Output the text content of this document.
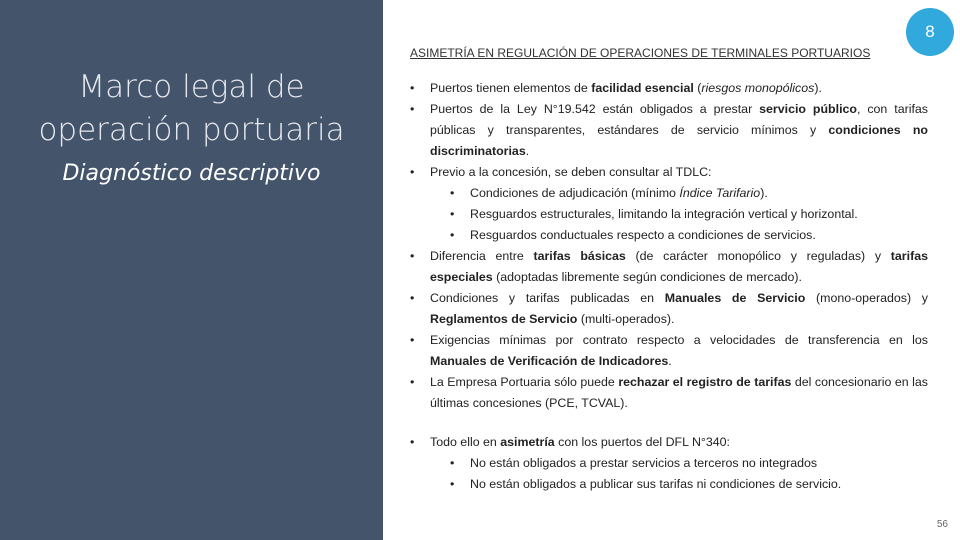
Marco legal de
operación portuaria
Diagnóstico descriptivo
8
ASIMETRÍA EN REGULACIÓN DE OPERACIONES DE TERMINALES PORTUARIOS
• Puertos tienen elementos de facilidad esencial (riesgos monopólicos).
• Puertos de la Ley N°19.542 están obligados a prestar servicio público, con tarifas públicas y transparentes, estándares de servicio mínimos y condiciones no discriminatorias.
• Previo a la concesión, se deben consultar al TDLC:
• Condiciones de adjudicación (mínimo Índice Tarifario).
• Resguardos estructurales, limitando la integración vertical y horizontal.
• Resguardos conductuales respecto a condiciones de servicios.
• Diferencia entre tarifas básicas (de carácter monopólico y reguladas) y tarifas especiales (adoptadas libremente según condiciones de mercado).
• Condiciones y tarifas publicadas en Manuales de Servicio (mono-operados) y Reglamentos de Servicio (multi-operados).
• Exigencias mínimas por contrato respecto a velocidades de transferencia en los Manuales de Verificación de Indicadores.
• La Empresa Portuaria sólo puede rechazar el registro de tarifas del concesionario en las últimas concesiones (PCE, TCVAL).
• Todo ello en asimetría con los puertos del DFL N°340:
• No están obligados a prestar servicios a terceros no integrados
• No están obligados a publicar sus tarifas ni condiciones de servicio.
56
